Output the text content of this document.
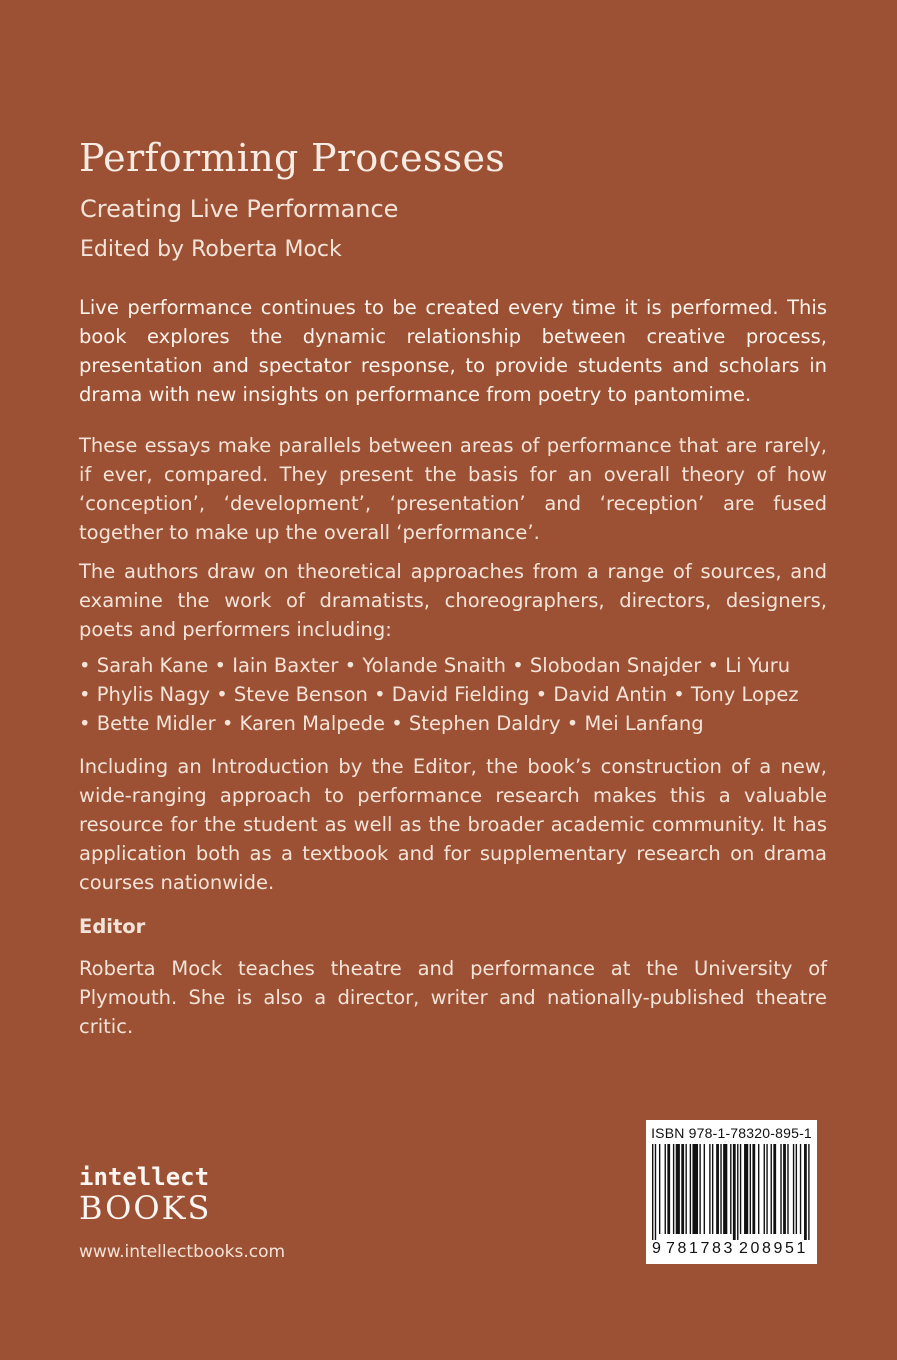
Performing Processes
Creating Live Performance
Edited by Roberta Mock

Live performance continues to be created every time it is performed. This book explores the dynamic relationship between creative process, presentation and spectator response, to provide students and scholars in drama with new insights on performance from poetry to pantomime.

These essays make parallels between areas of performance that are rarely, if ever, compared. They present the basis for an overall theory of how ‘conception’, ‘development’, ‘presentation’ and ‘reception’ are fused together to make up the overall ‘performance’.

The authors draw on theoretical approaches from a range of sources, and examine the work of dramatists, choreographers, directors, designers, poets and performers including:

• Sarah Kane • Iain Baxter • Yolande Snaith • Slobodan Snajder • Li Yuru
• Phylis Nagy • Steve Benson • David Fielding • David Antin • Tony Lopez
• Bette Midler • Karen Malpede • Stephen Daldry • Mei Lanfang

Including an Introduction by the Editor, the book’s construction of a new, wide-ranging approach to performance research makes this a valuable resource for the student as well as the broader academic community. It has application both as a textbook and for supplementary research on drama courses nationwide.

Editor

Roberta Mock teaches theatre and performance at the University of Plymouth. She is also a director, writer and nationally-published theatre critic.

intellect
BOOKS
www.intellectbooks.com
ISBN 978-1-78320-895-1
9 781783 208951
